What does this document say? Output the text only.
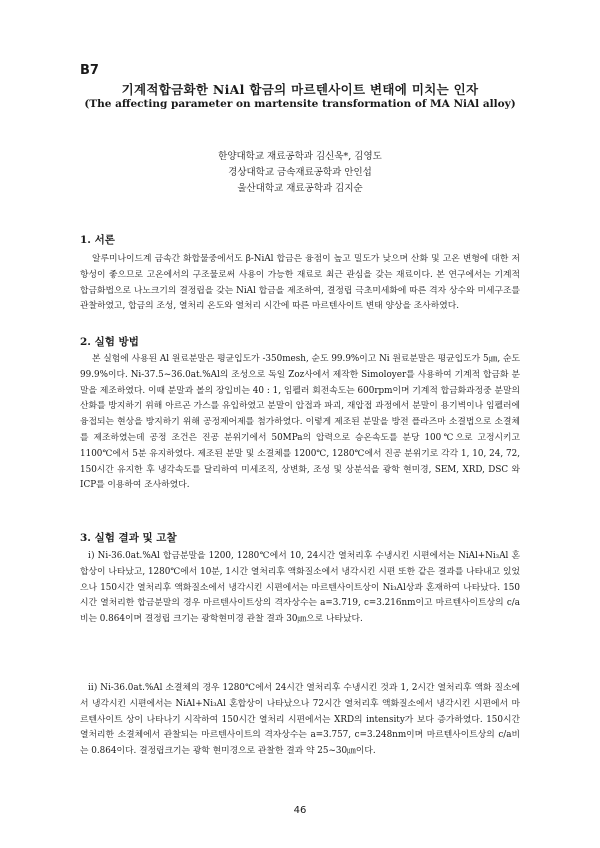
B7
기계적합금화한 NiAl 합금의 마르텐사이트 변태에 미치는 인자
(The affecting parameter on martensite transformation of MA NiAl alloy)
한양대학교 재료공학과 김신욱*, 김영도
경상대학교 금속재료공학과 안인섭
울산대학교 재료공학과 김지순
1. 서론

알루미나이드계 금속간 화합물중에서도 β-NiAl 합금은 융점이 높고 밀도가 낮으며 산화 및 고온 변형에 대한 저항성이 좋으므로 고온에서의 구조물로써 사용이 가능한 재료로 최근 관심을 갖는 재료이다. 본 연구에서는 기계적 합금화법으로 나노크기의 결정립을 갖는 NiAl 합금을 제조하여, 결정립 극초미세화에 따른 격자 상수와 미세구조를 관찰하였고, 합금의 조성, 열처리 온도와 열처리 시간에 따른 마르텐사이트 변태 양상을 조사하였다.

2. 실험 방법

본 실험에 사용된 Al 원료분말은 평균입도가 -350mesh, 순도 99.9%이고 Ni 원료분말은 평균입도가 5㎛, 순도 99.9%이다. Ni-37.5~36.0at.%Al의 조성으로 독일 Zoz사에서 제작한 Simoloyer를 사용하여 기계적 합금화 분말을 제조하였다. 이때 분말과 볼의 장입비는 40 : 1, 임펠러 회전속도는 600rpm이며 기계적 합금화과정중 분말의 산화를 방지하기 위해 아르곤 가스를 유입하였고 분말이 압접과 파괴, 재압접 과정에서 분말이 용기벽이나 임펠러에 융접되는 현상을 방지하기 위해 공정제어제를 첨가하였다. 이렇게 제조된 분말을 방전 플라즈마 소결법으로 소결체를 제조하였는데 공정 조건은 진공 분위기에서 50MPa의 압력으로 승온속도를 분당 100℃으로 고정시키고 1100℃에서 5분 유지하였다. 제조된 분말 및 소결체를 1200℃, 1280℃에서 진공 분위기로 각각 1, 10, 24, 72, 150시간 유지한 후 냉각속도를 달리하여 미세조직, 상변화, 조성 및 상분석을 광학 현미경, SEM, XRD, DSC 와 ICP를 이용하여 조사하였다.

3. 실험 결과 및 고찰

ⅰ) Ni-36.0at.%Al 합금분말을 1200, 1280℃에서 10, 24시간 열처리후 수냉시킨 시편에서는 NiAl+Ni₃Al 혼합상이 나타났고, 1280℃에서 10분, 1시간 열처리후 액화질소에서 냉각시킨 시편 또한 같은 결과를 나타내고 있었으나 150시간 열처리후 액화질소에서 냉각시킨 시편에서는 마르텐사이트상이 Ni₃Al상과 혼재하여 나타났다. 150시간 열처리한 합금분말의 경우 마르텐사이트상의 격자상수는 a=3.719, c=3.216nm이고 마르텐사이트상의 c/a비는 0.864이며 결정립 크기는 광학현미경 관찰 결과 30㎛으로 나타났다.

ⅱ) Ni-36.0at.%Al 소결체의 경우 1280℃에서 24시간 열처리후 수냉시킨 것과 1, 2시간 열처리후 액화 질소에서 냉각시킨 시편에서는 NiAl+Ni₃Al 혼합상이 나타났으나 72시간 열처리후 액화질소에서 냉각시킨 시편에서 마르텐사이트 상이 나타나기 시작하여 150시간 열처리 시편에서는 XRD의 intensity가 보다 증가하였다. 150시간 열처리한 소결체에서 관찰되는 마르텐사이트의 격자상수는 a=3.757, c=3.248nm이며 마르텐사이트상의 c/a비는 0.864이다. 결정립크기는 광학 현미경으로 관찰한 결과 약 25~30㎛이다.

46
